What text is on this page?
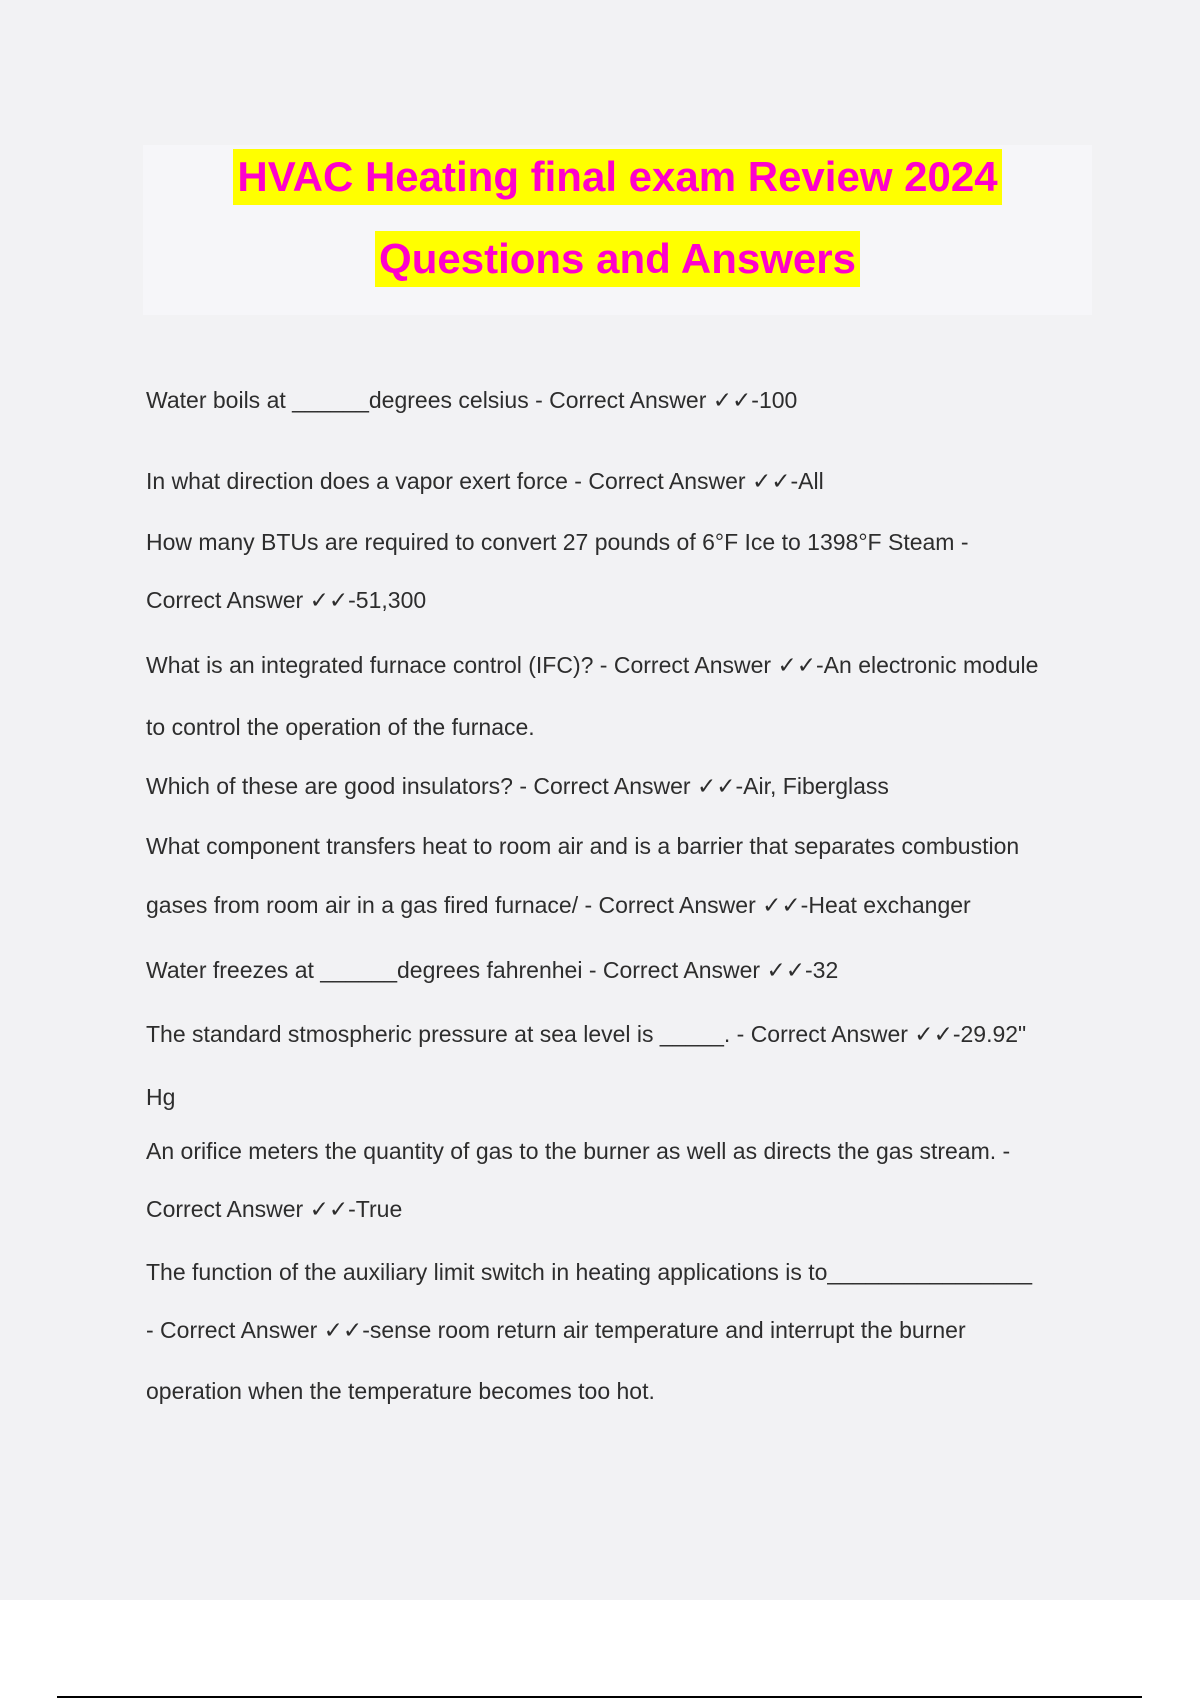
HVAC Heating final exam Review 2024
Questions and Answers
Water boils at ______degrees celsius - Correct Answer ✓✓-100
In what direction does a vapor exert force - Correct Answer ✓✓-All
How many BTUs are required to convert 27 pounds of 6°F Ice to 1398°F Steam -
Correct Answer ✓✓-51,300
What is an integrated furnace control (IFC)? - Correct Answer ✓✓-An electronic module
to control the operation of the furnace.
Which of these are good insulators? - Correct Answer ✓✓-Air, Fiberglass
What component transfers heat to room air and is a barrier that separates combustion
gases from room air in a gas fired furnace/ - Correct Answer ✓✓-Heat exchanger
Water freezes at ______degrees fahrenhei - Correct Answer ✓✓-32
The standard stmospheric pressure at sea level is _____. - Correct Answer ✓✓-29.92"
Hg
An orifice meters the quantity of gas to the burner as well as directs the gas stream. -
Correct Answer ✓✓-True
The function of the auxiliary limit switch in heating applications is to________________
- Correct Answer ✓✓-sense room return air temperature and interrupt the burner
operation when the temperature becomes too hot.
